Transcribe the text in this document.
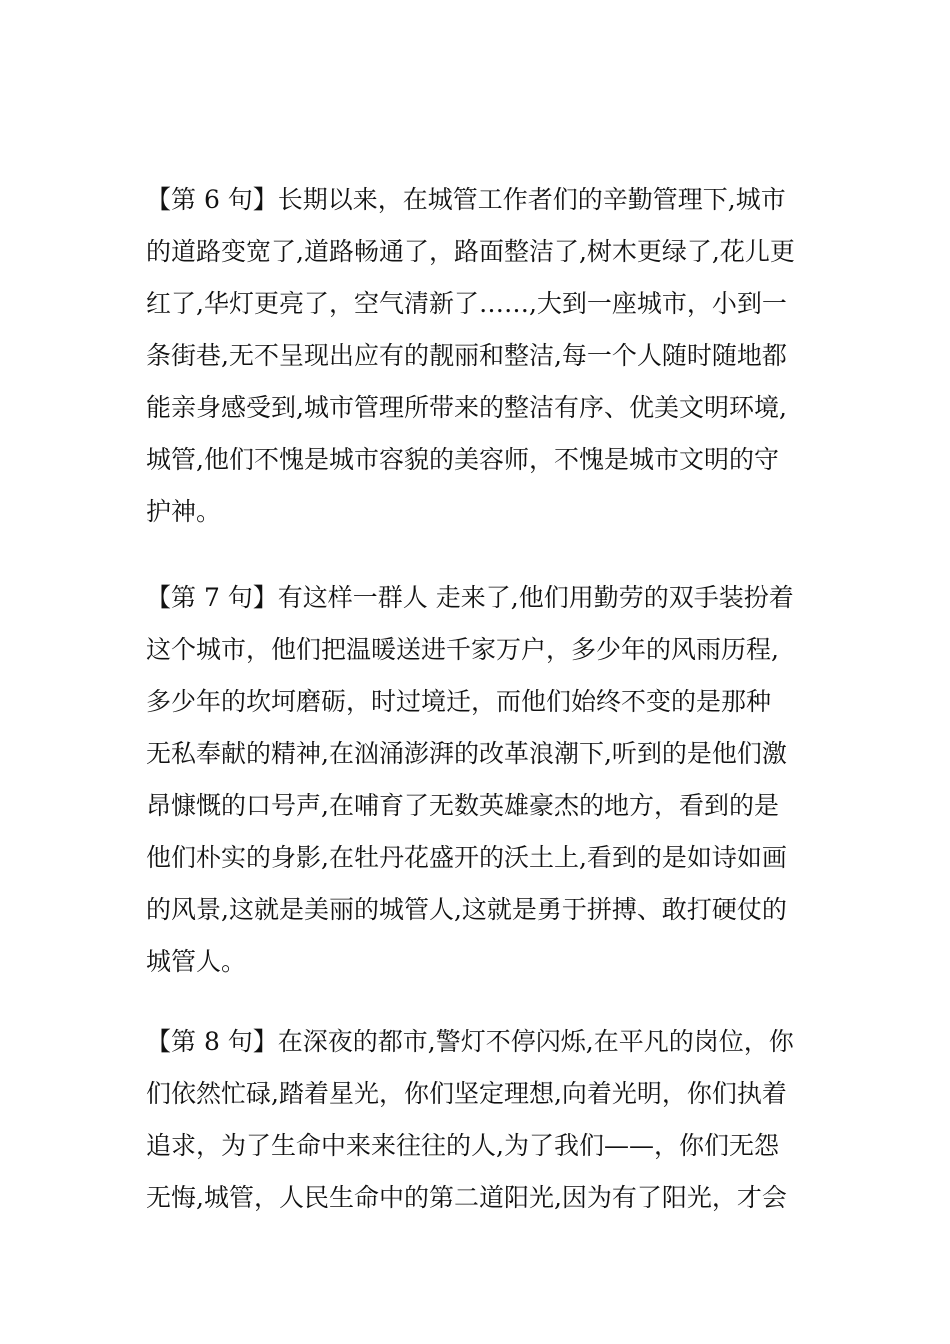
【第 6 句】长期以来，在城管工作者们的辛勤管理下,城市
的道路变宽了,道路畅通了，路面整洁了,树木更绿了,花儿更
红了,华灯更亮了，空气清新了……,大到一座城市，小到一
条街巷,无不呈现出应有的靓丽和整洁,每一个人随时随地都
能亲身感受到,城市管理所带来的整洁有序、优美文明环境,
城管,他们不愧是城市容貌的美容师，不愧是城市文明的守
护神。
【第 7 句】有这样一群人 走来了,他们用勤劳的双手装扮着
这个城市，他们把温暖送进千家万户，多少年的风雨历程,
多少年的坎坷磨砺，时过境迁，而他们始终不变的是那种
无私奉献的精神,在汹涌澎湃的改革浪潮下,听到的是他们激
昂慷慨的口号声,在哺育了无数英雄豪杰的地方，看到的是
他们朴实的身影,在牡丹花盛开的沃土上,看到的是如诗如画
的风景,这就是美丽的城管人,这就是勇于拼搏、敢打硬仗的
城管人。
【第 8 句】在深夜的都市,警灯不停闪烁,在平凡的岗位，你
们依然忙碌,踏着星光，你们坚定理想,向着光明，你们执着
追求，为了生命中来来往往的人,为了我们——，你们无怨
无悔,城管，人民生命中的第二道阳光,因为有了阳光，才会
